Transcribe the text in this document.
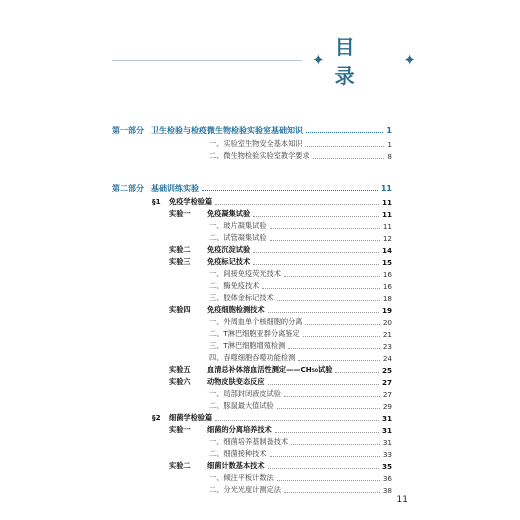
✦
目 录
✦
第一部分 卫生检验与检疫微生物检验实验室基础知识	1
一、实验室生物安全基本知识	1
二、微生物检验实验室教学要求	8
第二部分 基础训练实验	11
§1免疫学检验篇	11
实验一 免疫凝集试验	11
一、玻片凝集试验	11
二、试管凝集试验	12
实验二 免疫沉淀试验	14
实验三 免疫标记技术	15
一、间接免疫荧光技术	16
二、酶免疫技术	16
三、胶体金标记技术	18
实验四 免疫细胞检测技术	19
一、外周血单个核细胞的分离	20
二、T淋巴细胞亚群分离鉴定	21
三、T淋巴细胞增殖检测	23
四、吞噬细胞吞噬功能检测	24
实验五 血清总补体溶血活性测定——CH₅₀试验	25
实验六 动物皮肤变态反应	27
一、局部封闭液皮试验	27
二、豚鼠最大值试验	29
§2细菌学检验篇	31
实验一 细菌的分离培养技术	31
一、细菌培养基制备技术	31
二、细菌接种技术	33
实验二 细菌计数基本技术	35
一、倾注平板计数法	36
二、分光光度计测定法	38
11
